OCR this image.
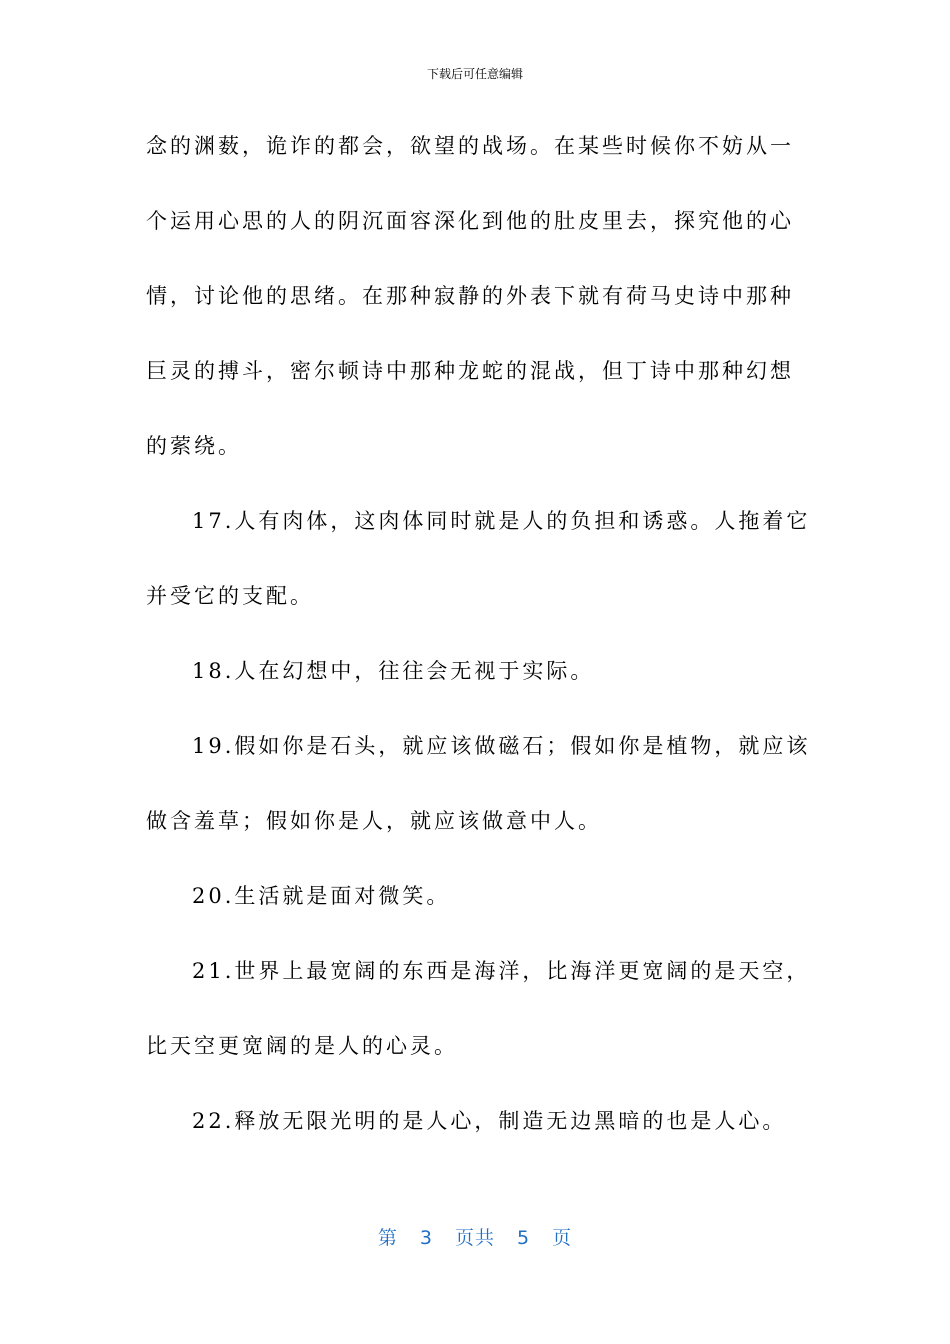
下载后可任意编辑
念的渊薮，诡诈的都会，欲望的战场。在某些时候你不妨从一
个运用心思的人的阴沉面容深化到他的肚皮里去，探究他的心
情，讨论他的思绪。在那种寂静的外表下就有荷马史诗中那种
巨灵的搏斗，密尔顿诗中那种龙蛇的混战，但丁诗中那种幻想
的萦绕。
17.人有肉体，这肉体同时就是人的负担和诱惑。人拖着它
并受它的支配。
18.人在幻想中，往往会无视于实际。
19.假如你是石头，就应该做磁石；假如你是植物，就应该
做含羞草；假如你是人，就应该做意中人。
20.生活就是面对微笑。
21.世界上最宽阔的东西是海洋，比海洋更宽阔的是天空，
比天空更宽阔的是人的心灵。
22.释放无限光明的是人心，制造无边黑暗的也是人心。
第 3 页共 5 页
